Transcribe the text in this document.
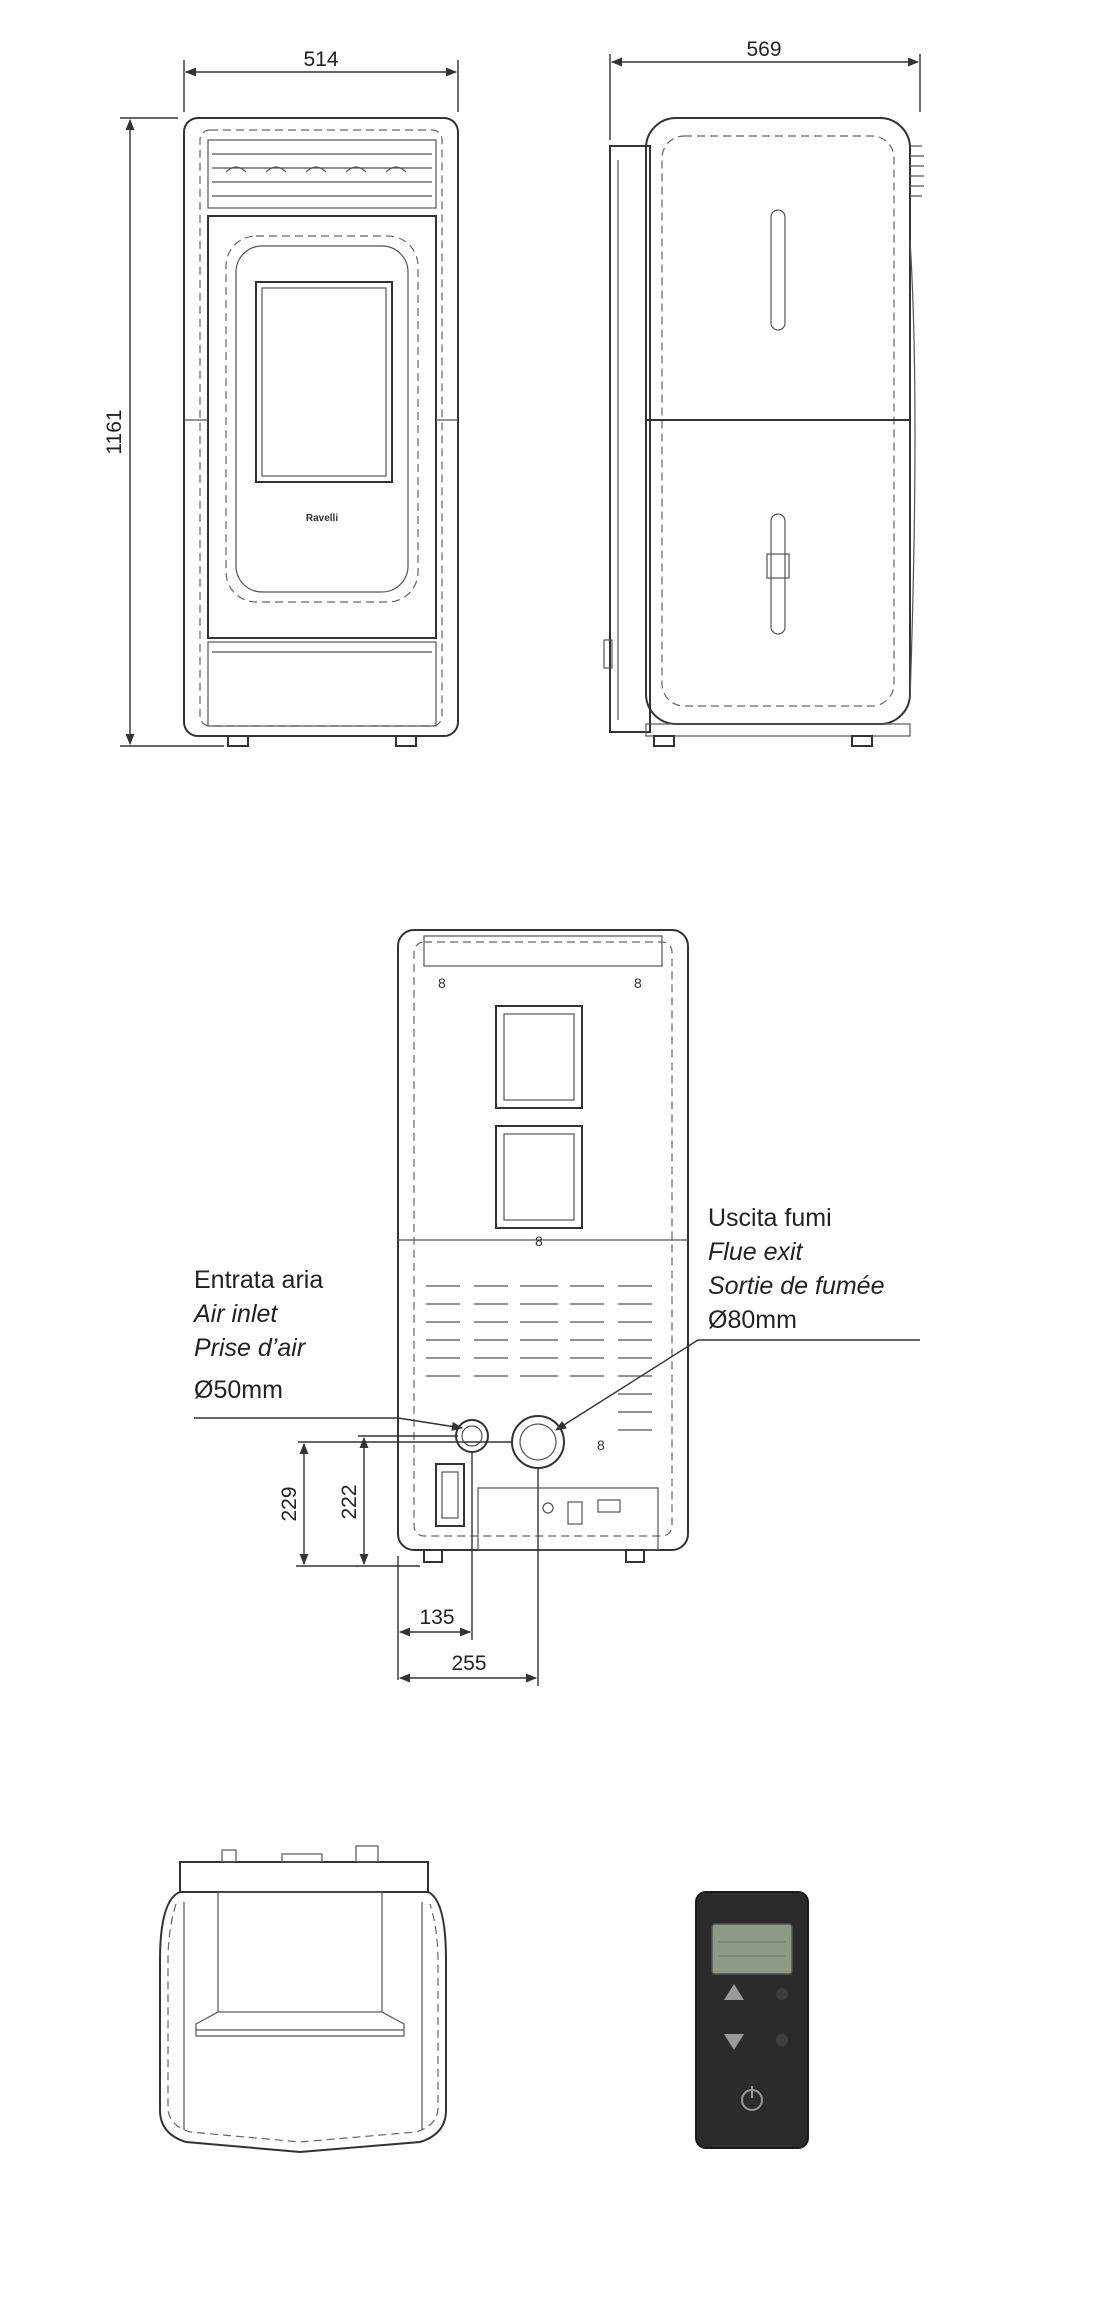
Ravelli
514
1161
569
8	8
8
8
222
229
135
255
Entrata aria
Air inlet
Prise d’air
Ø50mm
Uscita fumi
Flue exit
Sortie de fumée
Ø80mm
